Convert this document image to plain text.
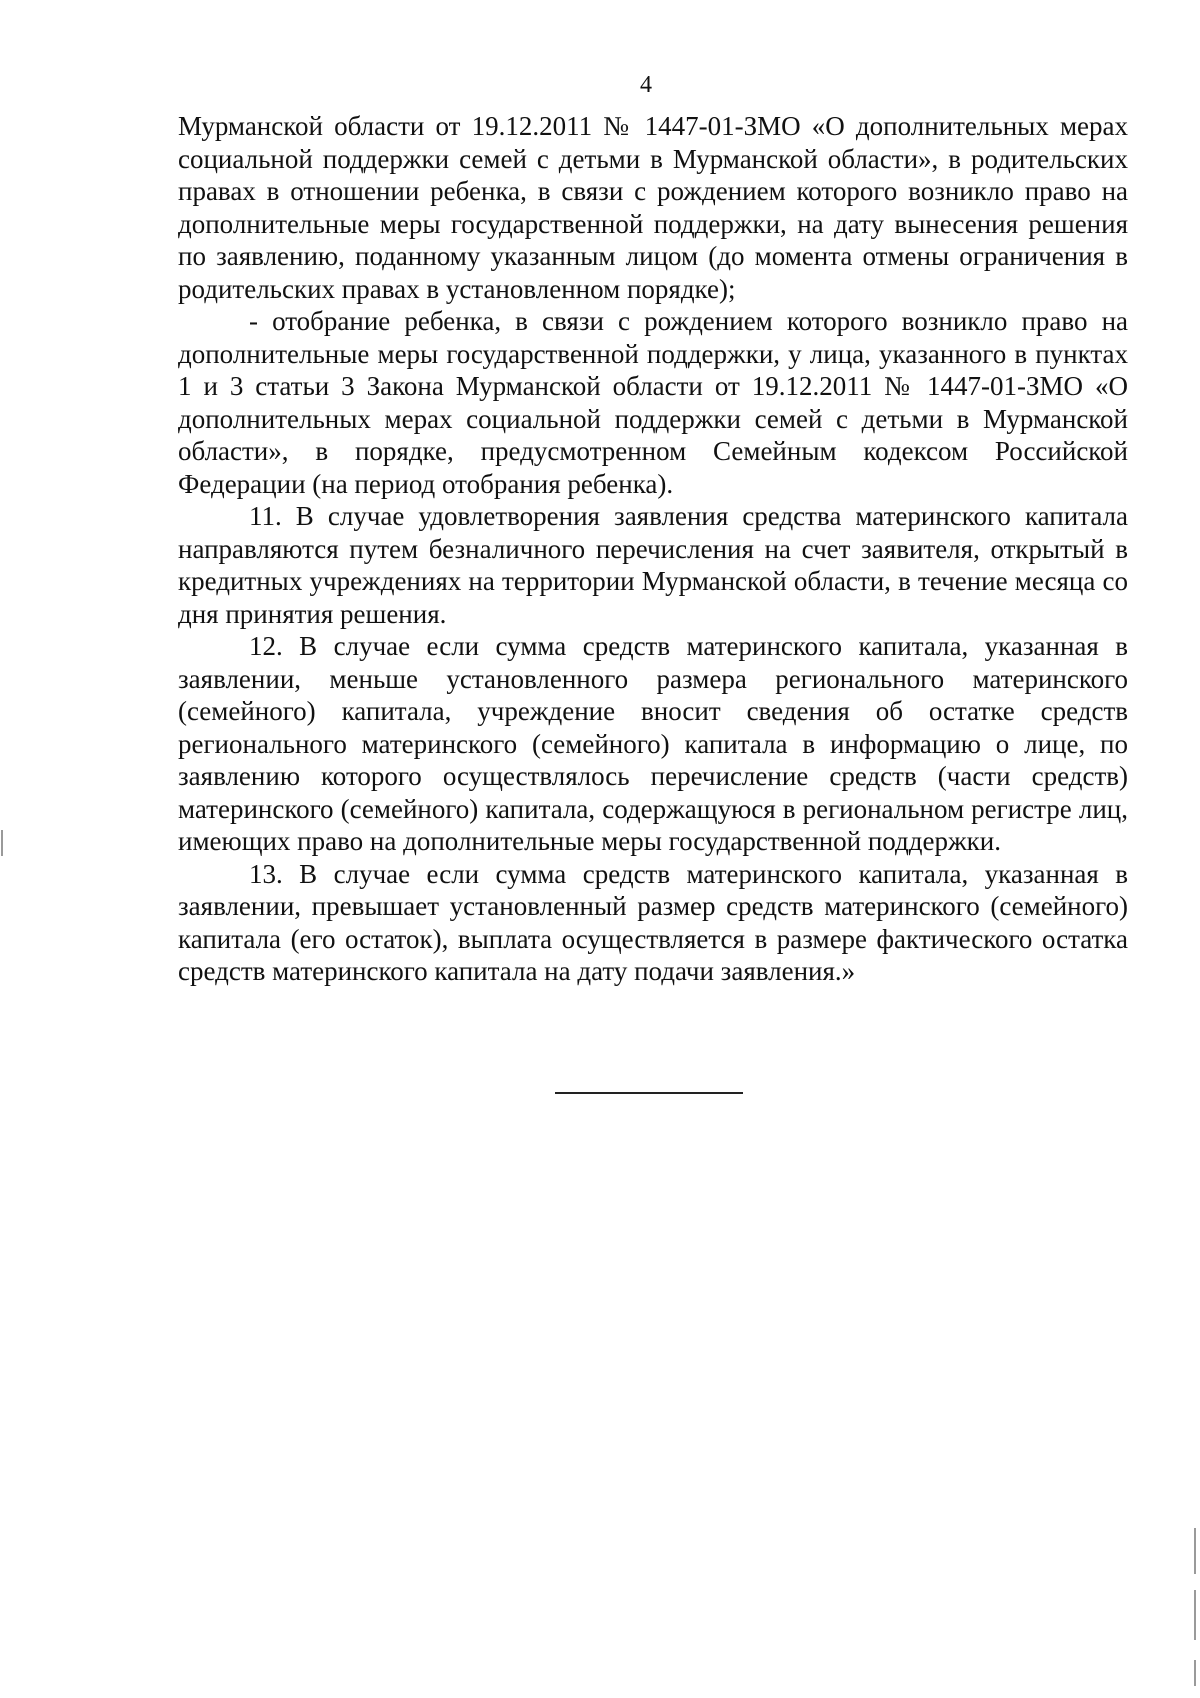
4

Мурманской области от 19.12.2011 № 1447-01-ЗМО «О дополнительных мерах социальной поддержки семей с детьми в Мурманской области», в родительских правах в отношении ребенка, в связи с рождением которого возникло право на дополнительные меры государственной поддержки, на дату вынесения решения по заявлению, поданному указанным лицом (до момента отмены ограничения в родительских правах в установленном порядке);

- отобрание ребенка, в связи с рождением которого возникло право на дополнительные меры государственной поддержки, у лица, указанного в пунктах 1 и 3 статьи 3 Закона Мурманской области от 19.12.2011 № 1447-01-ЗМО «О дополнительных мерах социальной поддержки семей с детьми в Мурманской области», в порядке, предусмотренном Семейным кодексом Российской Федерации (на период отобрания ребенка).

11. В случае удовлетворения заявления средства материнского капитала направляются путем безналичного перечисления на счет заявителя, открытый в кредитных учреждениях на территории Мурманской области, в течение месяца со дня принятия решения.

12. В случае если сумма средств материнского капитала, указанная в заявлении, меньше установленного размера регионального материнского (семейного) капитала, учреждение вносит сведения об остатке средств регионального материнского (семейного) капитала в информацию о лице, по заявлению которого осуществлялось перечисление средств (части средств) материнского (семейного) капитала, содержащуюся в региональном регистре лиц, имеющих право на дополнительные меры государственной поддержки.

13. В случае если сумма средств материнского капитала, указанная в заявлении, превышает установленный размер средств материнского (семейного) капитала (его остаток), выплата осуществляется в размере фактического остатка средств материнского капитала на дату подачи заявления.»
